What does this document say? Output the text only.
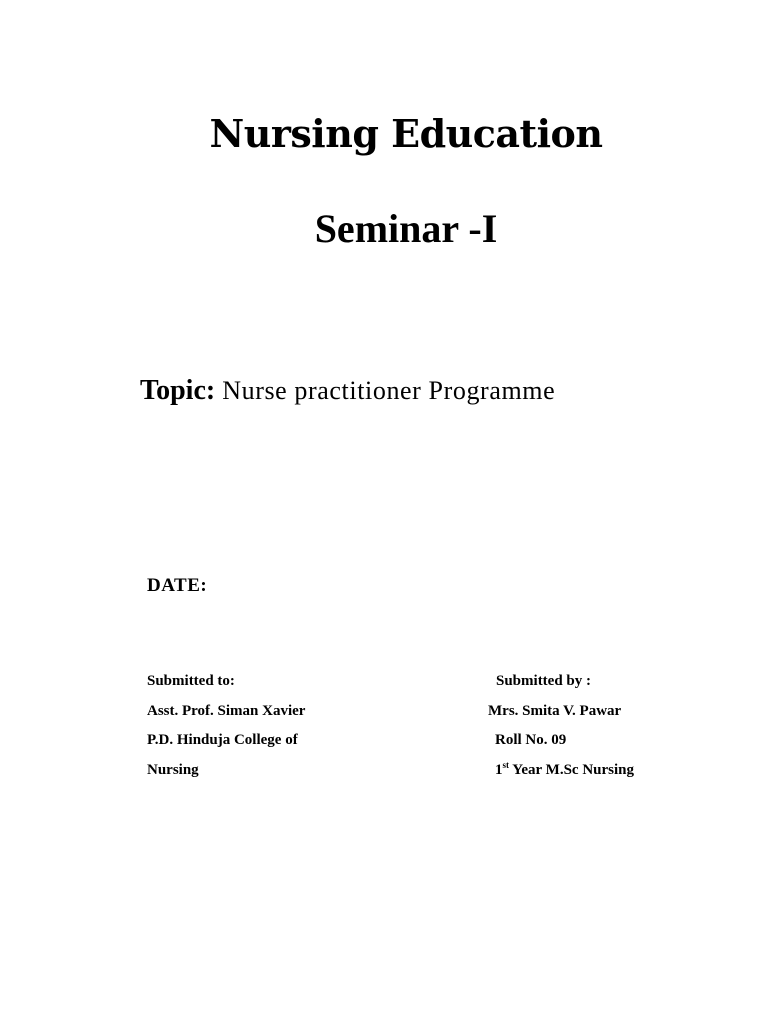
Nursing Education
Seminar -I
Topic: Nurse practitioner Programme
DATE:
Submitted to:
Asst. Prof. Siman Xavier
P.D. Hinduja College of
Nursing
Submitted by :
Mrs. Smita V. Pawar
Roll No. 09
1st Year M.Sc Nursing
